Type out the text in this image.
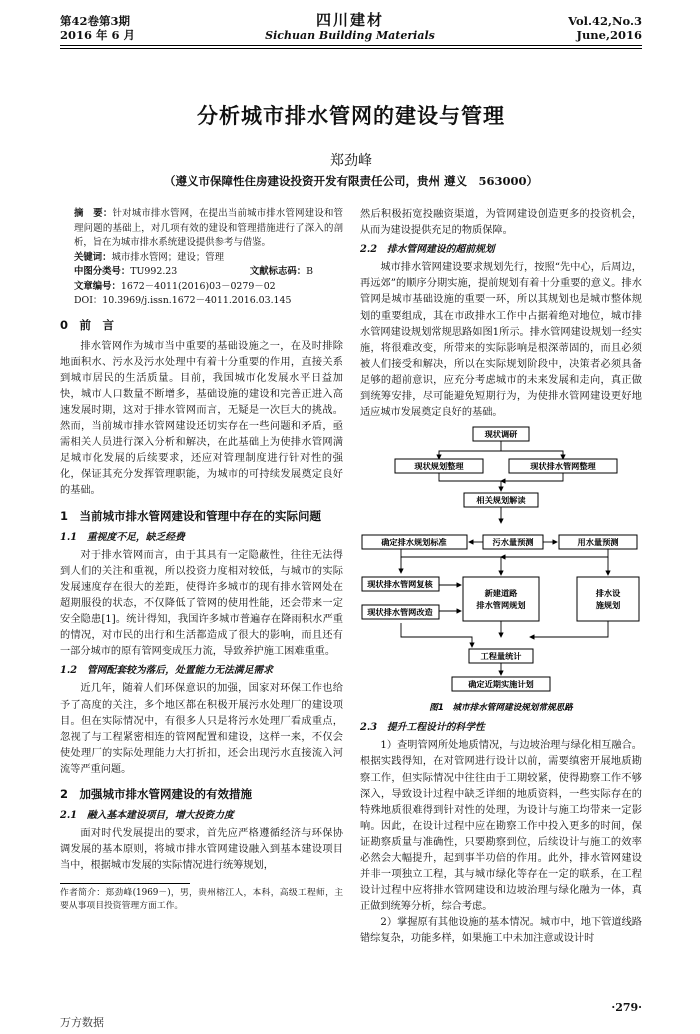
第42卷第3期
2016 年 6 月
四川建材
Sichuan Building Materials
Vol.42,No.3
June,2016
分析城市排水管网的建设与管理
郑劲峰
（遵义市保障性住房建设投资开发有限责任公司，贵州 遵义　563000）

摘　要：针对城市排水管网，在提出当前城市排水管网建设和管理问题的基础上，对几项有效的建设和管理措施进行了深入的剖析，旨在为城市排水系统建设提供参考与借鉴。

关键词：城市排水管网；建设；管理

中图分类号：TU992.23	文献标志码：B

文章编号：1672－4011(2016)03－0279－02

DOI：10.3969/j.issn.1672－4011.2016.03.145

0　前　言

排水管网作为城市当中重要的基础设施之一，在及时排除地面积水、污水及污水处理中有着十分重要的作用，直接关系到城市居民的生活质量。目前，我国城市化发展水平日益加快，城市人口数量不断增多，基础设施的建设和完善正进入高速发展时期，这对于排水管网而言，无疑是一次巨大的挑战。然而，当前城市排水管网建设还切实存在一些问题和矛盾，亟需相关人员进行深入分析和解决，在此基础上为使排水管网满足城市化发展的后续要求，还应对管理制度进行针对性的强化，保证其充分发挥管理职能，为城市的可持续发展奠定良好的基础。

1　当前城市排水管网建设和管理中存在的实际问题
1.1　重视度不足，缺乏经费

对于排水管网而言，由于其具有一定隐蔽性，往往无法得到人们的关注和重视，所以投资力度相对较低，与城市的实际发展速度存在很大的差距，使得许多城市的现有排水管网处在超期服役的状态，不仅降低了管网的使用性能，还会带来一定安全隐患[1]。统计得知，我国许多城市普遍存在降雨积水严重的情况，对市民的出行和生活都造成了很大的影响，而且还有一部分城市的原有管网变成压力流，导致养护施工困难重重。

1.2　管网配套较为落后，处置能力无法满足需求

近几年，随着人们环保意识的加强，国家对环保工作也给予了高度的关注，多个地区都在积极开展污水处理厂的建设项目。但在实际情况中，有很多人只是将污水处理厂看成重点，忽视了与工程紧密相连的管网配置和建设，这样一来，不仅会使处理厂的实际处理能力大打折扣，还会出现污水直接流入河流等严重问题。

2　加强城市排水管网建设的有效措施
2.1　融入基本建设项目，增大投资力度

面对时代发展提出的要求，首先应严格遵循经济与环保协调发展的基本原则，将城市排水管网建设融入到基本建设项目当中，根据城市发展的实际情况进行统筹规划，

作者简介：郑劲峰(1969－)，男，贵州榕江人，本科，高级工程师，主要从事项目投资管理方面工作。

然后积极拓宽投融资渠道，为管网建设创造更多的投资机会，从而为建设提供充足的物质保障。

2.2　排水管网建设的超前规划

城市排水管网建设要求规划先行，按照“先中心，后周边，再远郊”的顺序分期实施，提前规划有着十分重要的意义。排水管网是城市基础设施的重要一环，所以其规划也是城市整体规划的重要组成，其在市政排水工作中占据着绝对地位，城市排水管网建设规划常规思路如图1所示。排水管网建设规划一经实施，将很难改变，所带来的实际影响是根深蒂固的，而且必须被人们接受和解决，所以在实际规划阶段中，决策者必须具备足够的超前意识，应充分考虑城市的未来发展和走向，真正做到统筹安排，尽可能避免短期行为，为使排水管网建设更好地适应城市发展奠定良好的基础。

现状调研
现状规划整理	现状排水管网整理
相关规划解读
确定排水规划标准	污水量预测	用水量预测
现状排水管网复核
现状排水管网改造
新建道路
排水管网规划
排水设
施规划
工程量统计
确定近期实施计划
图1　城市排水管网建设规划常规思路
2.3　提升工程设计的科学性

1）查明管网所处地质情况，与边坡治理与绿化相互融合。根据实践得知，在对管网进行设计以前，需要缜密开展地质勘察工作，但实际情况中往往由于工期较紧，使得勘察工作不够深入，导致设计过程中缺乏详细的地质资料，一些实际存在的特殊地质很难得到针对性的处理，为设计与施工均带来一定影响。因此，在设计过程中应在勘察工作中投入更多的时间，保证勘察质量与准确性，只要勘察到位，后续设计与施工的效率必然会大幅提升，起到事半功倍的作用。此外，排水管网建设并非一项独立工程，其与城市绿化等存在一定的联系，在工程设计过程中应将排水管网建设和边坡治理与绿化融为一体，真正做到统筹分析，综合考虑。

2）掌握原有其他设施的基本情况。城市中，地下管道线路错综复杂，功能多样，如果施工中未加注意或设计时

·279·
万方数据
